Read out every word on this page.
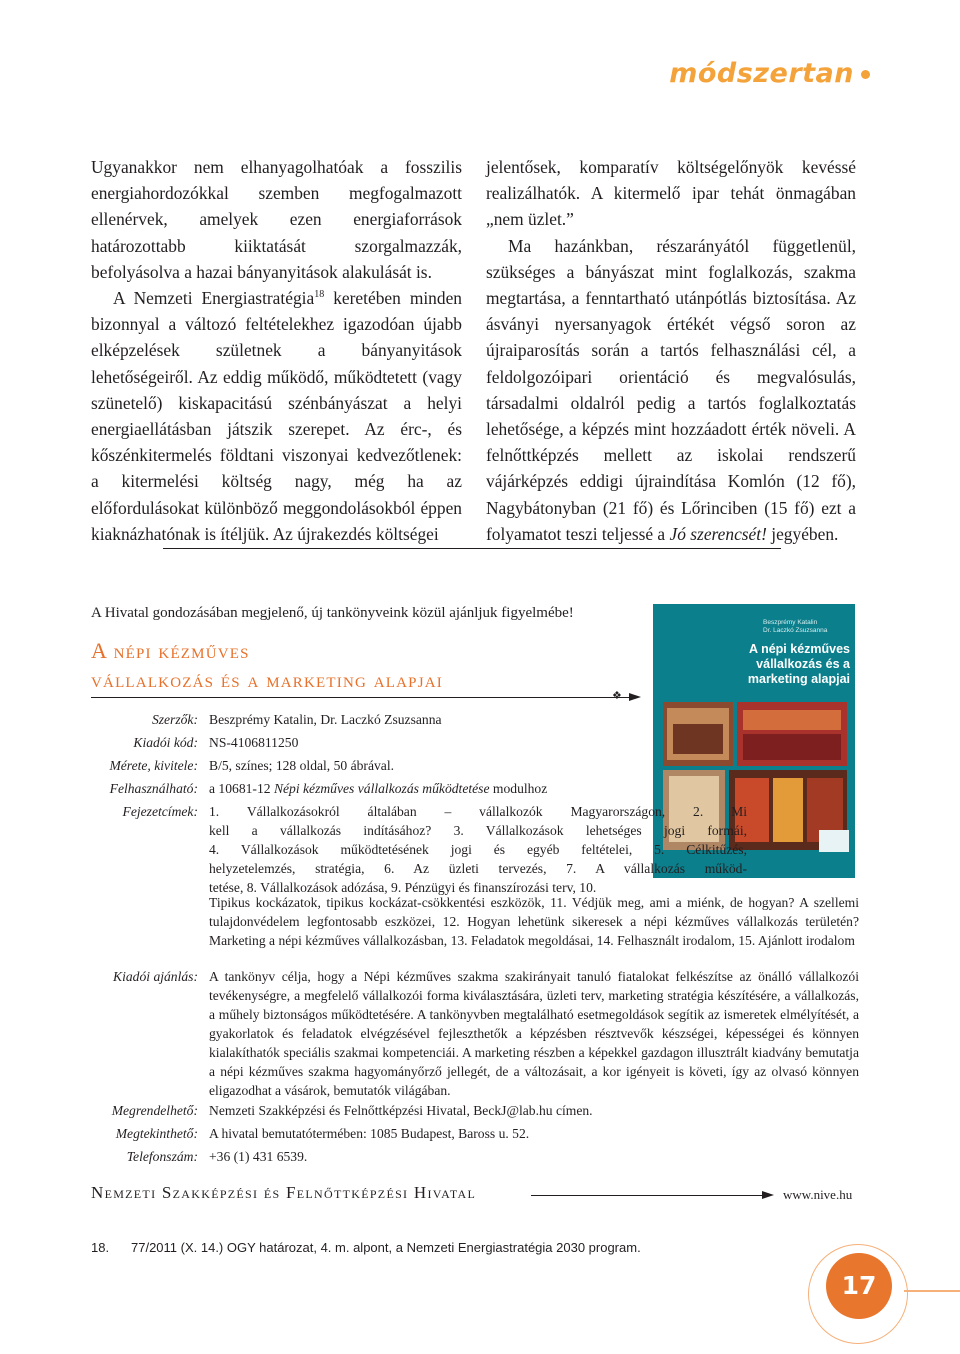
módszertan

Ugyanakkor nem elhanyagolhatóak a fosszilis energiahordozókkal szemben megfogalmazott ellenérvek, amelyek ezen energiaforrások határozottabb kiiktatását szorgalmazzák, befolyásolva a hazai bányanyitások alakulását is.

A Nemzeti Energiastratégia$^{18}$ keretében minden bizonnyal a változó feltételekhez igazodóan újabb elképzelések születnek a bányanyitások lehetőségeiről. Az eddig működő, működtetett (vagy szünetelő) kiskapacitású szénbányászat a helyi energiaellátásban játszik szerepet. Az érc-, és kőszénkitermelés földtani viszonyai kedvezőtlenek: a kitermelési költség nagy, még ha az előfordulásokat különböző meggondolásokból éppen kiaknázhatónak is ítéljük. Az újrakezdés költségei

jelentősek, komparatív költségelőnyök kevéssé realizálhatók. A kitermelő ipar tehát önmagában „nem üzlet.”

Ma hazánkban, részarányától függetlenül, szükséges a bányászat mint foglalkozás, szakma megtartása, a fenntartható utánpótlás biztosítása. Az ásványi nyersanyagok értékét végső soron az újraiparosítás során a tartós felhasználási cél, a feldolgozóipari orientáció és megvalósulás, társadalmi oldalról pedig a tartós foglalkoztatás lehetősége, a képzés mint hozzáadott érték növeli. A felnőttképzés mellett az iskolai rendszerű vájárképzés eddigi újraindítása Komlón (12 fő), Nagybátonyban (21 fő) és Lőrinciben (15 fő) ezt a folyamatot teszi teljessé a Jó szerencsét! jegyében.

A Hivatal gondozásában megjelenő, új tankönyveink közül ajánljuk figyelmébe!
A népi kézműves
vállalkozás és a marketing alapjai
❖
Beszprémy Katalin
Dr. Laczkó Zsuzsanna
A népi kézműves vállalkozás és a marketing alapjai
Szerzők: Beszprémy Katalin, Dr. Laczkó Zsuzsanna
Kiadói kód: NS-4106811250
Mérete, kivitele: B/5, színes; 128 oldal, 50 ábrával.
Felhasználható: a 10681-12 Népi kézműves vállalkozás működtetése modulhoz
Fejezetcímek: 1. Vállalkozásokról általában – vállalkozók Magyarországon, 2. Mi
kell a vállalkozás indításához? 3. Vállalkozások lehetséges jogi formái,
4. Vállalkozások működtetésének jogi és egyéb feltételei, 5. Célkitűzés,
helyzetelemzés, stratégia, 6. Az üzleti tervezés, 7. A vállalkozás működ-
tetése, 8. Vállalkozások adózása, 9. Pénzügyi és finanszírozási terv, 10.
Tipikus kockázatok, tipikus kockázat-csökkentési eszközök, 11. Védjük meg, ami a miénk, de hogyan? A szellemi tulajdonvédelem legfontosabb eszközei, 12. Hogyan lehetünk sikeresek a népi kézműves vállalkozás területén? Marketing a népi kézműves vállalkozásban, 13. Feladatok megoldásai, 14. Felhasznált irodalom, 15. Ajánlott irodalom
Kiadói ajánlás: A tankönyv célja, hogy a Népi kézműves szakma szakirányait tanuló fiatalokat felkészítse az önálló vállalkozói tevékenységre, a megfelelő vállalkozói forma kiválasztására, üzleti terv, marketing stratégia készítésére, a vállalkozás, a műhely biztonságos működtetésére. A tankönyvben megtalálható esetmegoldások segítik az ismeretek elmélyítését, a gyakorlatok és feladatok elvégzésével fejleszthetők a képzésben résztvevők készségei, képességei és könnyen kialakíthatók speciális szakmai kompetenciái. A marketing részben a képekkel gazdagon illusztrált kiadvány bemutatja a népi kézműves szakma hagyományőrző jellegét, de a változásait, a kor igényeit is követi, így az olvasó könnyen eligazodhat a vásárok, bemutatók világában.
Megrendelhető: Nemzeti Szakképzési és Felnőttképzési Hivatal, BeckJ@lab.hu címen.
Megtekinthető: A hivatal bemutatótermében: 1085 Budapest, Baross u. 52.
Telefonszám: +36 (1) 431 6539.
Nemzeti Szakképzési és Felnőttképzési Hivatal	www.nive.hu
18. 77/2011 (X. 14.) OGY határozat, 4. m. alpont, a Nemzeti Energiastratégia 2030 program.
17
